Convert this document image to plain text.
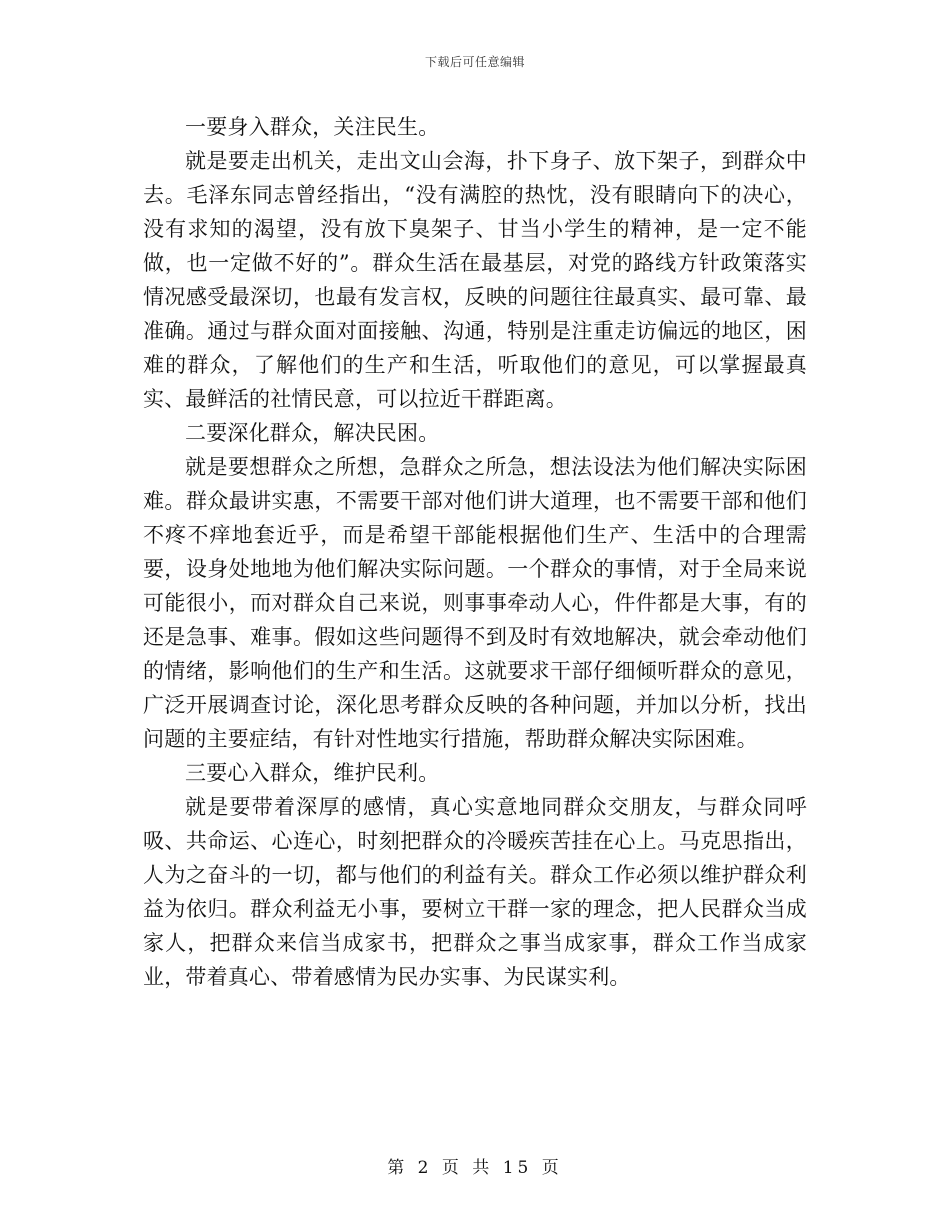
下载后可任意编辑

一要身入群众，关注民生。

就是要走出机关，走出文山会海，扑下身子、放下架子，到群众中去。毛泽东同志曾经指出，“没有满腔的热忱，没有眼睛向下的决心，没有求知的渴望，没有放下臭架子、甘当小学生的精神，是一定不能做，也一定做不好的”。群众生活在最基层，对党的路线方针政策落实情况感受最深切，也最有发言权，反映的问题往往最真实、最可靠、最准确。通过与群众面对面接触、沟通，特别是注重走访偏远的地区，困难的群众，了解他们的生产和生活，听取他们的意见，可以掌握最真实、最鲜活的社情民意，可以拉近干群距离。

二要深化群众，解决民困。

就是要想群众之所想，急群众之所急，想法设法为他们解决实际困难。群众最讲实惠，不需要干部对他们讲大道理，也不需要干部和他们不疼不痒地套近乎，而是希望干部能根据他们生产、生活中的合理需要，设身处地地为他们解决实际问题。一个群众的事情，对于全局来说可能很小，而对群众自己来说，则事事牵动人心，件件都是大事，有的还是急事、难事。假如这些问题得不到及时有效地解决，就会牵动他们的情绪，影响他们的生产和生活。这就要求干部仔细倾听群众的意见，广泛开展调查讨论，深化思考群众反映的各种问题，并加以分析，找出问题的主要症结，有针对性地实行措施，帮助群众解决实际困难。

三要心入群众，维护民利。

就是要带着深厚的感情，真心实意地同群众交朋友，与群众同呼吸、共命运、心连心，时刻把群众的冷暖疾苦挂在心上。马克思指出，人为之奋斗的一切，都与他们的利益有关。群众工作必须以维护群众利益为依归。群众利益无小事，要树立干群一家的理念，把人民群众当成家人，把群众来信当成家书，把群众之事当成家事，群众工作当成家业，带着真心、带着感情为民办实事、为民谋实利。

第 2 页 共 15 页
